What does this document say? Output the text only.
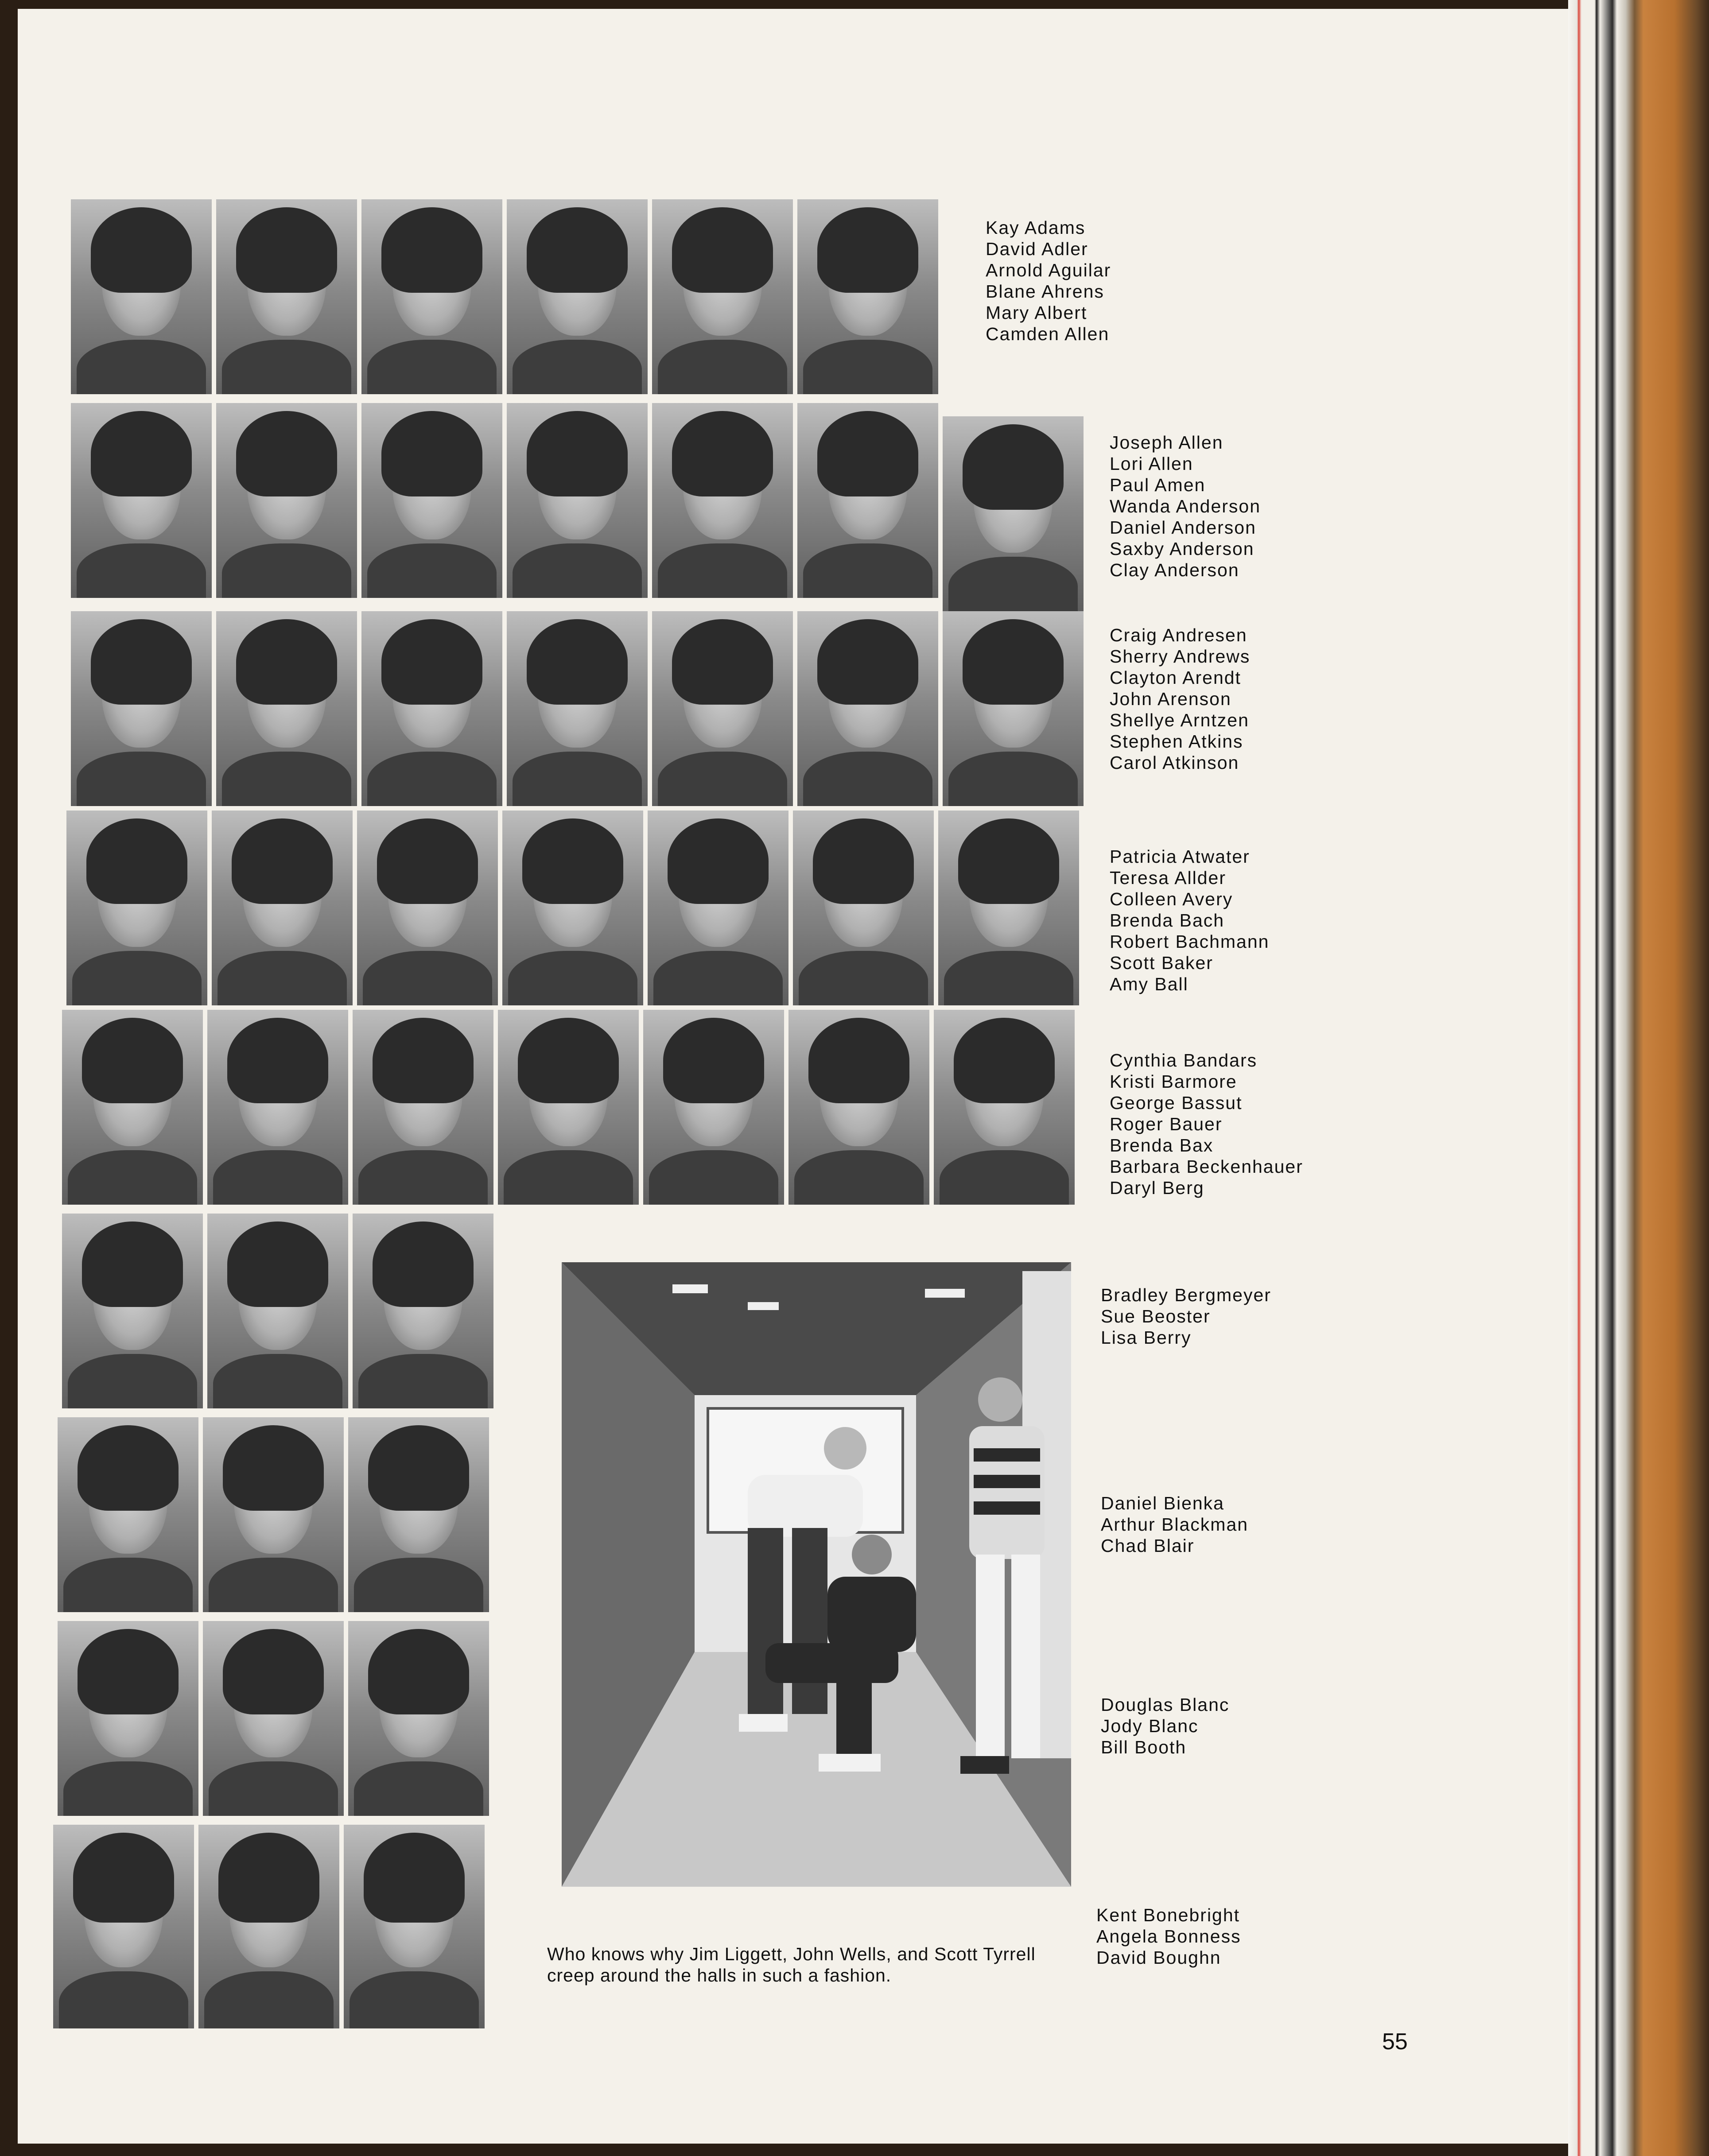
Kay Adams
David Adler
Arnold Aguilar
Blane Ahrens
Mary Albert
Camden Allen
Joseph Allen
Lori Allen
Paul Amen
Wanda Anderson
Daniel Anderson
Saxby Anderson
Clay Anderson
Craig Andresen
Sherry Andrews
Clayton Arendt
John Arenson
Shellye Arntzen
Stephen Atkins
Carol Atkinson
Patricia Atwater
Teresa Allder
Colleen Avery
Brenda Bach
Robert Bachmann
Scott Baker
Amy Ball
Cynthia Bandars
Kristi Barmore
George Bassut
Roger Bauer
Brenda Bax
Barbara Beckenhauer
Daryl Berg
Bradley Bergmeyer
Sue Beoster
Lisa Berry
Daniel Bienka
Arthur Blackman
Chad Blair
Douglas Blanc
Jody Blanc
Bill Booth
Kent Bonebright
Angela Bonness
David Boughn
Who knows why Jim Liggett, John Wells, and Scott Tyrrell creep around the halls in such a fashion.
55
